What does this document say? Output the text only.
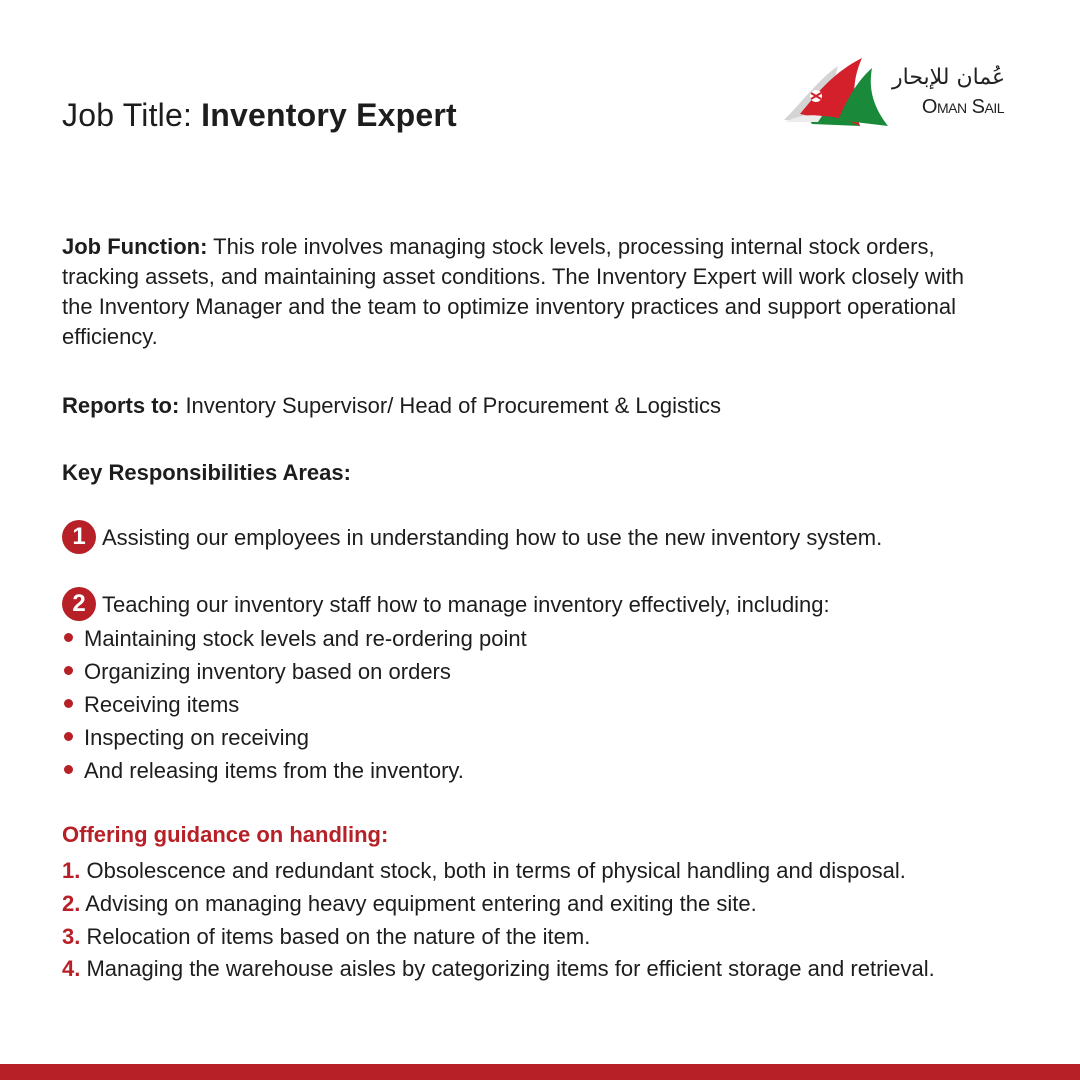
Job Title: Inventory Expert
عُمان للإبحار
Oman Sail
Job Function: This role involves managing stock levels, processing internal stock orders, tracking assets, and maintaining asset conditions. The Inventory Expert will work closely with the Inventory Manager and the team to optimize inventory practices and support operational efficiency.
Reports to: Inventory Supervisor/ Head of Procurement & Logistics
Key Responsibilities Areas:
1 Assisting our employees in understanding how to use the new inventory system.
2 Teaching our inventory staff how to manage inventory effectively, including:
Maintaining stock levels and re-ordering point
Organizing inventory based on orders
Receiving items
Inspecting on receiving
And releasing items from the inventory.
Offering guidance on handling:
1. Obsolescence and redundant stock, both in terms of physical handling and disposal.
2. Advising on managing heavy equipment entering and exiting the site.
3. Relocation of items based on the nature of the item.
4. Managing the warehouse aisles by categorizing items for efficient storage and retrieval.
